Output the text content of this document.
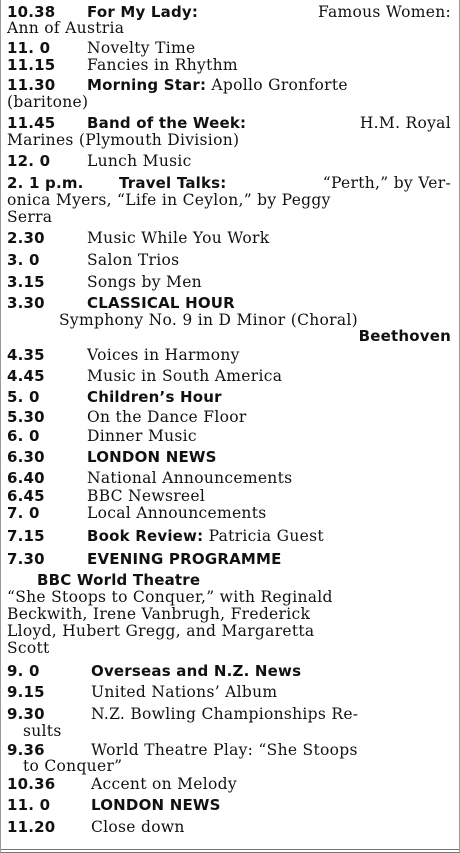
10.38 For My Lady:	Famous Women:
Ann of Austria
11. 0 Novelty Time
11.15 Fancies in Rhythm
11.30 Morning Star: Apollo Gronforte
(baritone)
11.45 Band of the Week:	H.M. Royal
Marines (Plymouth Division)
12. 0 Lunch Music
2. 1 p.m. Travel Talks:	“Perth,” by Ver-
onica Myers, “Life in Ceylon,” by Peggy
Serra
2.30	Music While You Work
3. 0	Salon Trios
3.15	Songs by Men
3.30	CLASSICAL HOUR
Symphony No. 9 in D Minor (Choral)
Beethoven
4.35	Voices in Harmony
4.45	Music in South America
5. 0	Children’s Hour
5.30	On the Dance Floor
6. 0	Dinner Music
6.30	LONDON NEWS
6.40	National Announcements
6.45	BBC Newsreel
7. 0	Local Announcements
7.15	Book Review: Patricia Guest
7.30	EVENING PROGRAMME
BBC World Theatre
“She Stoops to Conquer,” with Reginald
Beckwith, Irene Vanbrugh, Frederick
Lloyd, Hubert Gregg, and Margaretta
Scott
9. 0	Overseas and N.Z. News
9.15	United Nations’ Album
9.30	N.Z. Bowling Championships Re-
sults
9.36	World Theatre Play: “She Stoops
to Conquer”
10.36 Accent on Melody
11. 0	LONDON NEWS
11.20 Close down
